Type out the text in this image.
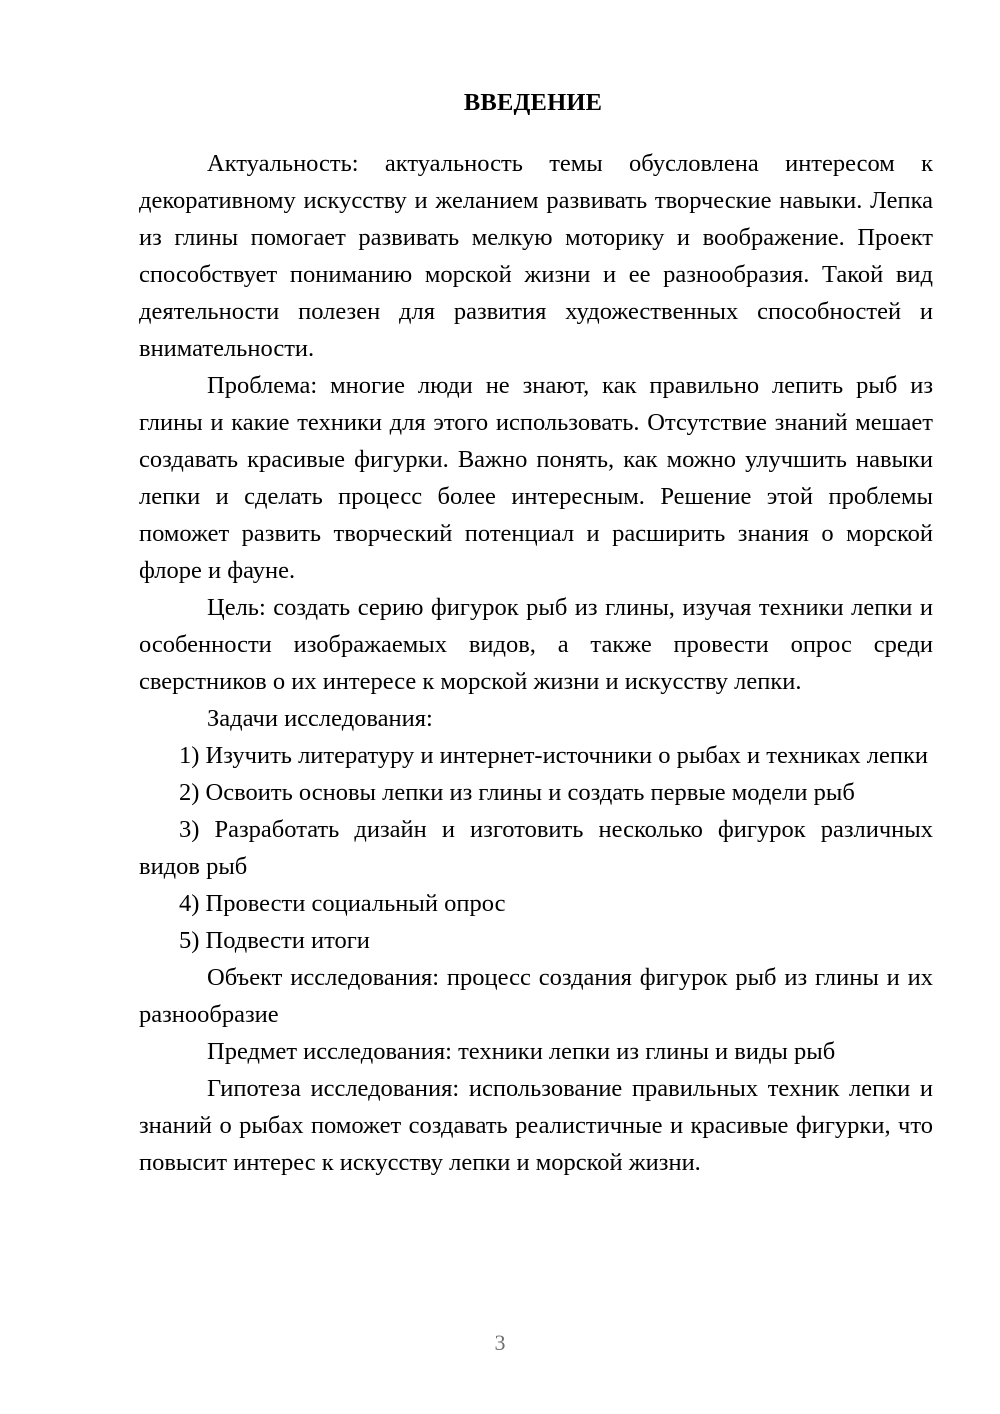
ВВЕДЕНИЕ

Актуальность: актуальность темы обусловлена интересом к декоративному искусству и желанием развивать творческие навыки. Лепка из глины помогает развивать мелкую моторику и воображение. Проект способствует пониманию морской жизни и ее разнообразия. Такой вид деятельности полезен для развития художественных способностей и внимательности.

Проблема: многие люди не знают, как правильно лепить рыб из глины и какие техники для этого использовать. Отсутствие знаний мешает создавать красивые фигурки. Важно понять, как можно улучшить навыки лепки и сделать процесс более интересным. Решение этой проблемы поможет развить творческий потенциал и расширить знания о морской флоре и фауне.

Цель: создать серию фигурок рыб из глины, изучая техники лепки и особенности изображаемых видов, а также провести опрос среди сверстников о их интересе к морской жизни и искусству лепки.

Задачи исследования:

1) Изучить литературу и интернет-источники о рыбах и техниках лепки

2) Освоить основы лепки из глины и создать первые модели рыб

3) Разработать дизайн и изготовить несколько фигурок различных видов рыб

4) Провести социальный опрос

5) Подвести итоги

Объект исследования: процесс создания фигурок рыб из глины и их разнообразие

Предмет исследования: техники лепки из глины и виды рыб

Гипотеза исследования: использование правильных техник лепки и знаний о рыбах поможет создавать реалистичные и красивые фигурки, что повысит интерес к искусству лепки и морской жизни.

3
